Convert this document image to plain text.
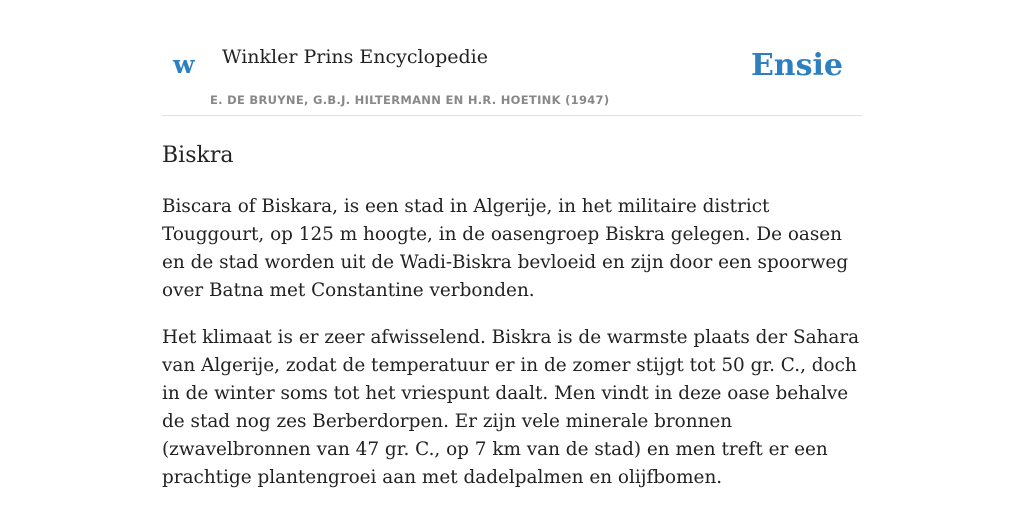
w Winkler Prins Encyclopedie
E. DE BRUYNE, G.B.J. HILTERMANN EN H.R. HOETINK (1947)
Ensie
Biskra

Biscara of Biskara, is een stad in Algerije, in het militaire district Touggourt, op 125 m hoogte, in de oasengroep Biskra gelegen. De oasen en de stad worden uit de Wadi-Biskra bevloeid en zijn door een spoorweg over Batna met Constantine verbonden.

Het klimaat is er zeer afwisselend. Biskra is de warmste plaats der Sahara van Algerije, zodat de temperatuur er in de zomer stijgt tot 50 gr. C., doch in de winter soms tot het vriespunt daalt. Men vindt in deze oase behalve de stad nog zes Berberdorpen. Er zijn vele minerale bronnen (zwavelbronnen van 47 gr. C., op 7 km van de stad) en men treft er een prachtige plantengroei aan met dadelpalmen en olijfbomen.
